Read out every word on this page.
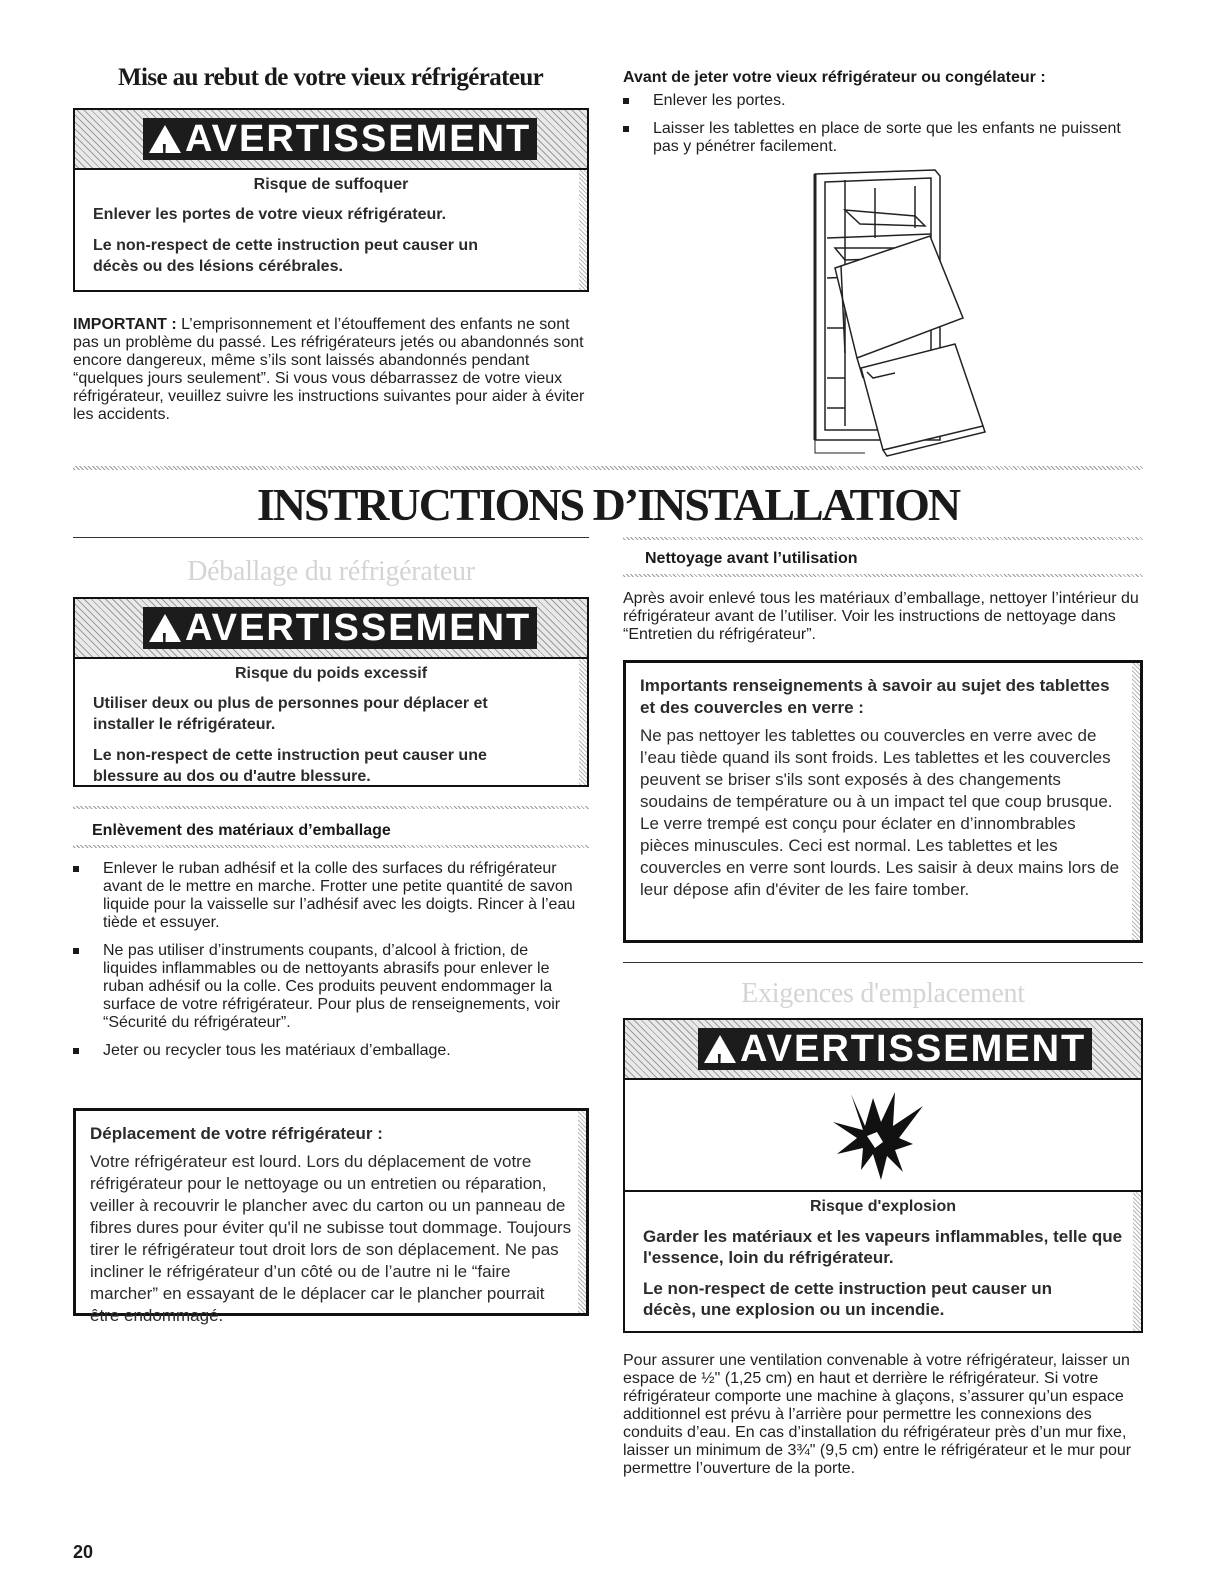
Mise au rebut de votre vieux réfrigérateur
!AVERTISSEMENT
Risque de suffoquer

Enlever les portes de votre vieux réfrigérateur.

Le non-respect de cette instruction peut causer un décès ou des lésions cérébrales.

IMPORTANT : L’emprisonnement et l’étouffement des enfants ne sont pas un problème du passé. Les réfrigérateurs jetés ou abandonnés sont encore dangereux, même s’ils sont laissés abandonnés pendant “quelques jours seulement”. Si vous vous débarrassez de votre vieux réfrigérateur, veuillez suivre les instructions suivantes pour aider à éviter les accidents.

Avant de jeter votre vieux réfrigérateur ou congélateur :
Enlever les portes.
Laisser les tablettes en place de sorte que les enfants ne puissent pas y pénétrer facilement.
INSTRUCTIONS D’INSTALLATION
Déballage du réfrigérateur
!AVERTISSEMENT
Risque du poids excessif

Utiliser deux ou plus de personnes pour déplacer et installer le réfrigérateur.

Le non-respect de cette instruction peut causer une blessure au dos ou d'autre blessure.

Enlèvement des matériaux d’emballage
Enlever le ruban adhésif et la colle des surfaces du réfrigérateur avant de le mettre en marche. Frotter une petite quantité de savon liquide pour la vaisselle sur l’adhésif avec les doigts. Rincer à l’eau tiède et essuyer.
Ne pas utiliser d’instruments coupants, d’alcool à friction, de liquides inflammables ou de nettoyants abrasifs pour enlever le ruban adhésif ou la colle. Ces produits peuvent endommager la surface de votre réfrigérateur. Pour plus de renseignements, voir “Sécurité du réfrigérateur”.
Jeter ou recycler tous les matériaux d’emballage.
Déplacement de votre réfrigérateur :

Votre réfrigérateur est lourd. Lors du déplacement de votre réfrigérateur pour le nettoyage ou un entretien ou réparation, veiller à recouvrir le plancher avec du carton ou un panneau de fibres dures pour éviter qu'il ne subisse tout dommage. Toujours tirer le réfrigérateur tout droit lors de son déplacement. Ne pas incliner le réfrigérateur d’un côté ou de l’autre ni le “faire marcher” en essayant de le déplacer car le plancher pourrait être endommagé.

Nettoyage avant l’utilisation

Après avoir enlevé tous les matériaux d’emballage, nettoyer l’intérieur du réfrigérateur avant de l’utiliser. Voir les instructions de nettoyage dans “Entretien du réfrigérateur”.

Importants renseignements à savoir au sujet des tablettes et des couvercles en verre :

Ne pas nettoyer les tablettes ou couvercles en verre avec de l’eau tiède quand ils sont froids. Les tablettes et les couvercles peuvent se briser s'ils sont exposés à des changements soudains de température ou à un impact tel que coup brusque. Le verre trempé est conçu pour éclater en d’innombrables pièces minuscules. Ceci est normal. Les tablettes et les couvercles en verre sont lourds. Les saisir à deux mains lors de leur dépose afin d'éviter de les faire tomber.

Exigences d'emplacement
!AVERTISSEMENT
Risque d'explosion

Garder les matériaux et les vapeurs inflammables, telle que l'essence, loin du réfrigérateur.

Le non-respect de cette instruction peut causer un décès, une explosion ou un incendie.

Pour assurer une ventilation convenable à votre réfrigérateur, laisser un espace de ½" (1,25 cm) en haut et derrière le réfrigérateur. Si votre réfrigérateur comporte une machine à glaçons, s’assurer qu’un espace additionnel est prévu à l’arrière pour permettre les connexions des conduits d’eau. En cas d’installation du réfrigérateur près d’un mur fixe, laisser un minimum de 3¾" (9,5 cm) entre le réfrigérateur et le mur pour permettre l’ouverture de la porte.

20
